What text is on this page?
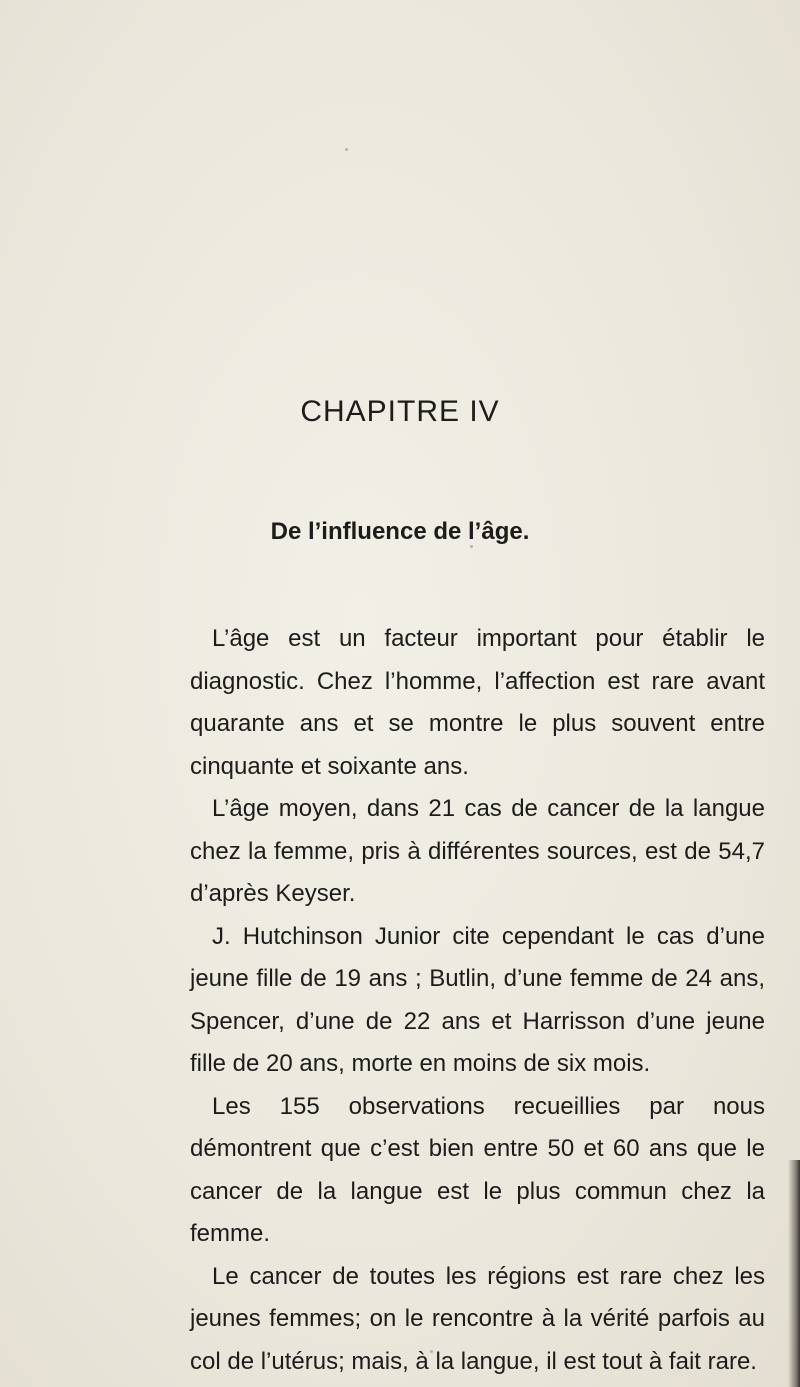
CHAPITRE IV
De l’influence de l’âge.

L’âge est un facteur important pour établir le diagnostic. Chez l’homme, l’affection est rare avant quarante ans et se montre le plus souvent entre cinquante et soixante ans.

L’âge moyen, dans 21 cas de cancer de la langue chez la femme, pris à différentes sources, est de 54,7 d’après Keyser.

J. Hutchinson Junior cite cependant le cas d’une jeune fille de 19 ans ; Butlin, d’une femme de 24 ans, Spencer, d’une de 22 ans et Harrisson d’une jeune fille de 20 ans, morte en moins de six mois.

Les 155 observations recueillies par nous démontrent que c’est bien entre 50 et 60 ans que le cancer de la langue est le plus commun chez la femme.

Le cancer de toutes les régions est rare chez les jeunes femmes; on le rencontre à la vérité parfois au col de l’utérus; mais, à la langue, il est tout à fait rare.
